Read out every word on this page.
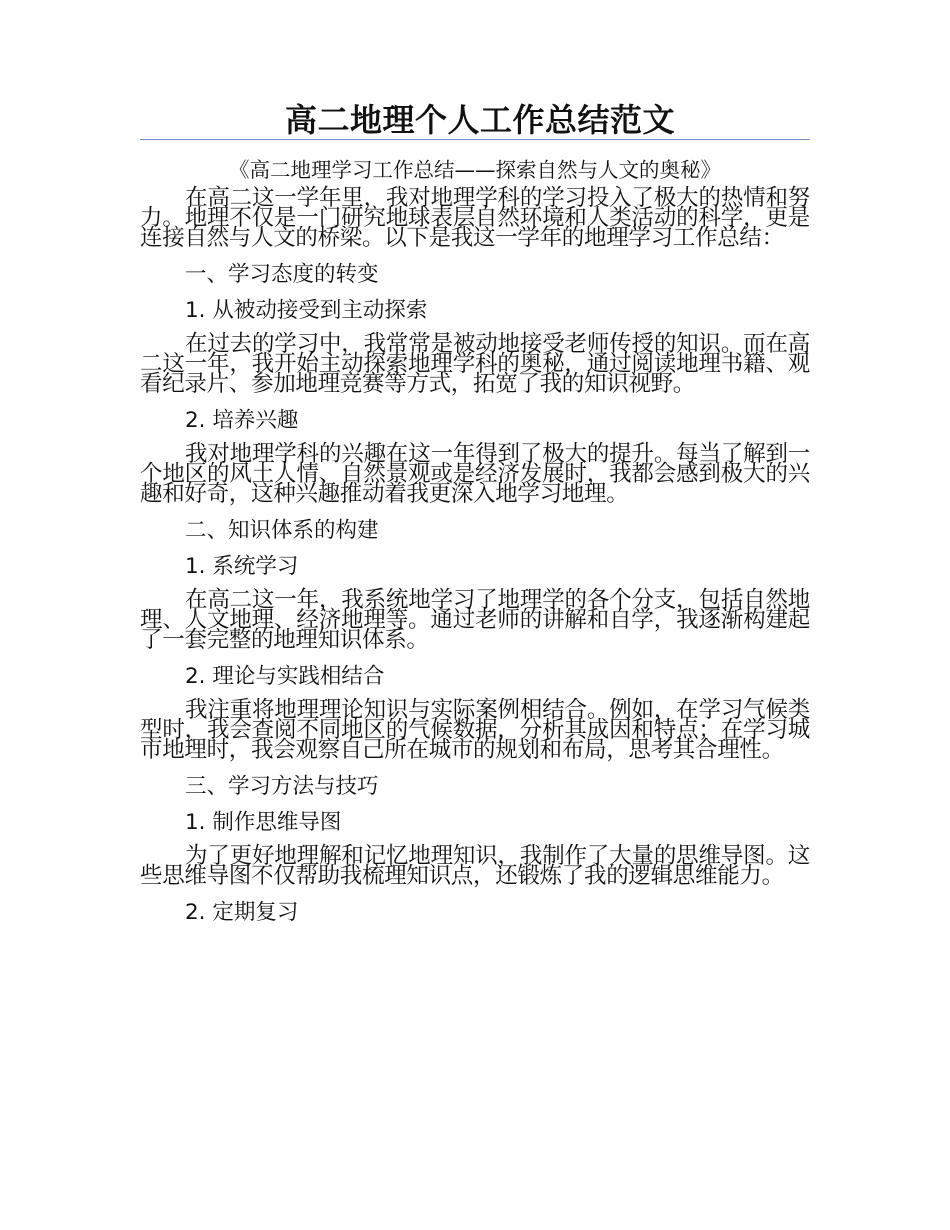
高二地理个人工作总结范文

《高二地理学习工作总结——探索自然与人文的奥秘》

在高二这一学年里，我对地理学科的学习投入了极大的热情和努力。地理不仅是一门研究地球表层自然环境和人类活动的科学，更是连接自然与人文的桥梁。以下是我这一学年的地理学习工作总结：

一、学习态度的转变

1. 从被动接受到主动探索

在过去的学习中，我常常是被动地接受老师传授的知识。而在高二这一年，我开始主动探索地理学科的奥秘，通过阅读地理书籍、观看纪录片、参加地理竞赛等方式，拓宽了我的知识视野。

2. 培养兴趣

我对地理学科的兴趣在这一年得到了极大的提升。每当了解到一个地区的风土人情、自然景观或是经济发展时，我都会感到极大的兴趣和好奇，这种兴趣推动着我更深入地学习地理。

二、知识体系的构建

1. 系统学习

在高二这一年，我系统地学习了地理学的各个分支，包括自然地理、人文地理、经济地理等。通过老师的讲解和自学，我逐渐构建起了一套完整的地理知识体系。

2. 理论与实践相结合

我注重将地理理论知识与实际案例相结合。例如，在学习气候类型时，我会查阅不同地区的气候数据，分析其成因和特点；在学习城市地理时，我会观察自己所在城市的规划和布局，思考其合理性。

三、学习方法与技巧

1. 制作思维导图

为了更好地理解和记忆地理知识，我制作了大量的思维导图。这些思维导图不仅帮助我梳理知识点，还锻炼了我的逻辑思维能力。

2. 定期复习
